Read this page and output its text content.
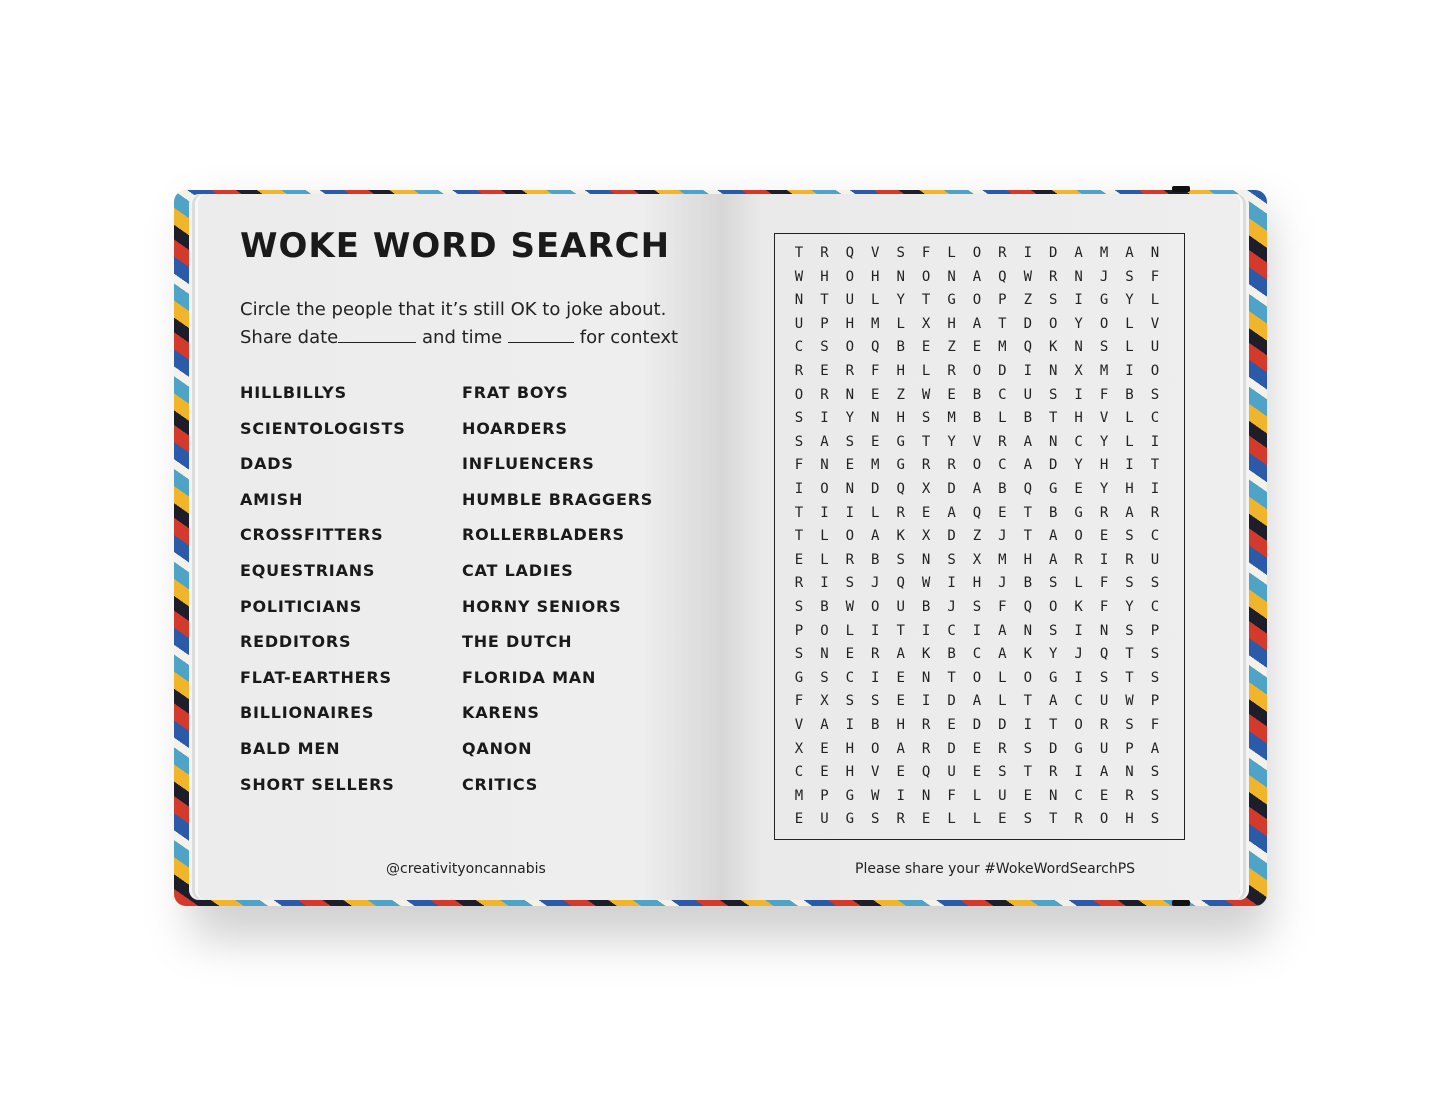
WOKE WORD SEARCH
Circle the people that it’s still OK to joke about.
Share date	and time	for context
HILLBILLYS
SCIENTOLOGISTS
DADS
AMISH
CROSSFITTERS
EQUESTRIANS
POLITICIANS
REDDITORS
FLAT-EARTHERS
BILLIONAIRES
BALD MEN
SHORT SELLERS
FRAT BOYS
HOARDERS
INFLUENCERS
HUMBLE BRAGGERS
ROLLERBLADERS
CAT LADIES
HORNY SENIORS
THE DUTCH
FLORIDA MAN
KARENS
QANON
CRITICS
@creativityoncannabis
T	R	Q	V	S	F	L	O	R	I	D	A	M	A	N
W	H	O	H	N	O	N	A	Q	W	R	N	J	S	F
N	T	U	L	Y	T	G	O	P	Z	S	I	G	Y	L
U	P	H	M	L	X	H	A	T	D	O	Y	O	L	V
C	S	O	Q	B	E	Z	E	M	Q	K	N	S	L	U
R	E	R	F	H	L	R	O	D	I	N	X	M	I	O
O	R	N	E	Z	W	E	B	C	U	S	I	F	B	S
S	I	Y	N	H	S	M	B	L	B	T	H	V	L	C
S	A	S	E	G	T	Y	V	R	A	N	C	Y	L	I
F	N	E	M	G	R	R	O	C	A	D	Y	H	I	T
I	O	N	D	Q	X	D	A	B	Q	G	E	Y	H	I
T	I	I	L	R	E	A	Q	E	T	B	G	R	A	R
T	L	O	A	K	X	D	Z	J	T	A	O	E	S	C
E	L	R	B	S	N	S	X	M	H	A	R	I	R	U
R	I	S	J	Q	W	I	H	J	B	S	L	F	S	S
S	B	W	O	U	B	J	S	F	Q	O	K	F	Y	C
P	O	L	I	T	I	C	I	A	N	S	I	N	S	P
S	N	E	R	A	K	B	C	A	K	Y	J	Q	T	S
G	S	C	I	E	N	T	O	L	O	G	I	S	T	S
F	X	S	S	E	I	D	A	L	T	A	C	U	W	P
V	A	I	B	H	R	E	D	D	I	T	O	R	S	F
X	E	H	O	A	R	D	E	R	S	D	G	U	P	A
C	E	H	V	E	Q	U	E	S	T	R	I	A	N	S
M	P	G	W	I	N	F	L	U	E	N	C	E	R	S
E	U	G	S	R	E	L	L	E	S	T	R	O	H	S
Please share your #WokeWordSearchPS
